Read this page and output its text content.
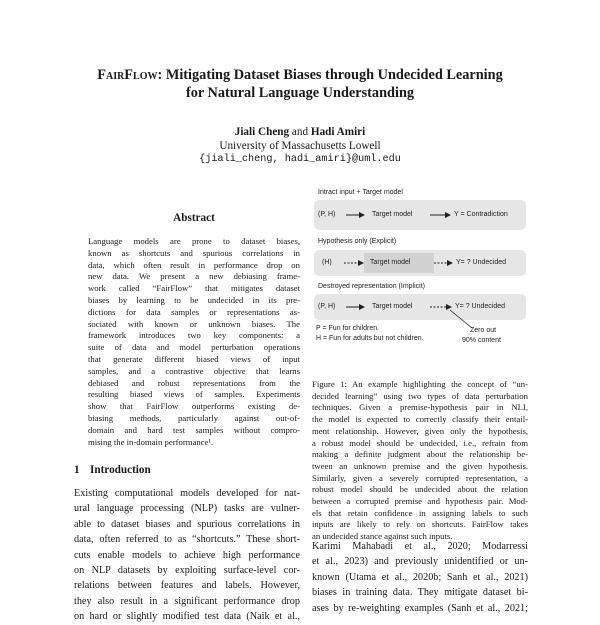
FairFlow: Mitigating Dataset Biases through Undecided Learning
for Natural Language Understanding
Jiali Cheng and Hadi Amiri
University of Massachusetts Lowell
{jiali_cheng, hadi_amiri}@uml.edu
Abstract
Language models are prone to dataset biases,
known as shortcuts and spurious correlations in
data, which often result in performance drop on
new data. We present a new debiasing frame-
work called “FairFlow” that mitigates dataset
biases by learning to be undecided in its pre-
dictions for data samples or representations as-
sociated with known or unknown biases. The
framework introduces two key components: a
suite of data and model perturbation operations
that generate different biased views of input
samples, and a contrastive objective that learns
debiased and robust representations from the
resulting biased views of samples. Experiments
show that FairFlow outperforms existing de-
biasing methods, particularly against out-of-
domain and hard test samples without compro-
mising the in-domain performance¹.
1 Introduction
Existing computational models developed for nat-
ural language processing (NLP) tasks are vulner-
able to dataset biases and spurious correlations in
data, often referred to as “shortcuts.” These short-
cuts enable models to achieve high performance
on NLP datasets by exploiting surface-level cor-
relations between features and labels. However,
they also result in a significant performance drop
on hard or slightly modified test data (Naik et al.,
Intract input + Target model
(P, H)	Target model	Y = Contradiction
Hypothesis only (Explicit)
(H)	Target model	Y= ? Undecided
Destroyed representation (Implicit)
(P, H)	Target model	Y= ? Undecided
P = Fun for children.
H = Fun for adults but not children.
Zero out
90% content
Figure 1: An example highlighting the concept of “un-
decided learning” using two types of data perturbation
techniques. Given a premise-hypothesis pair in NLI,
the model is expected to correctly classify their entail-
ment relationship. However, given only the hypothesis,
a robust model should be undecided, i.e., refrain from
making a definite judgment about the relationship be-
tween an unknown premise and the given hypothesis.
Similarly, given a severely corrupted representation, a
robust model should be undecided about the relation
between a corrupted premise and hypothesis pair. Mod-
els that retain confidence in assigning labels to such
inputs are likely to rely on shortcuts. FairFlow takes
an undecided stance against such inputs.
Karimi Mahabadi et al., 2020; Modarressi
et al., 2023) and previously unidentified or un-
known (Utama et al., 2020b; Sanh et al., 2021)
biases in training data. They mitigate dataset bi-
ases by re-weighting examples (Sanh et al., 2021;
